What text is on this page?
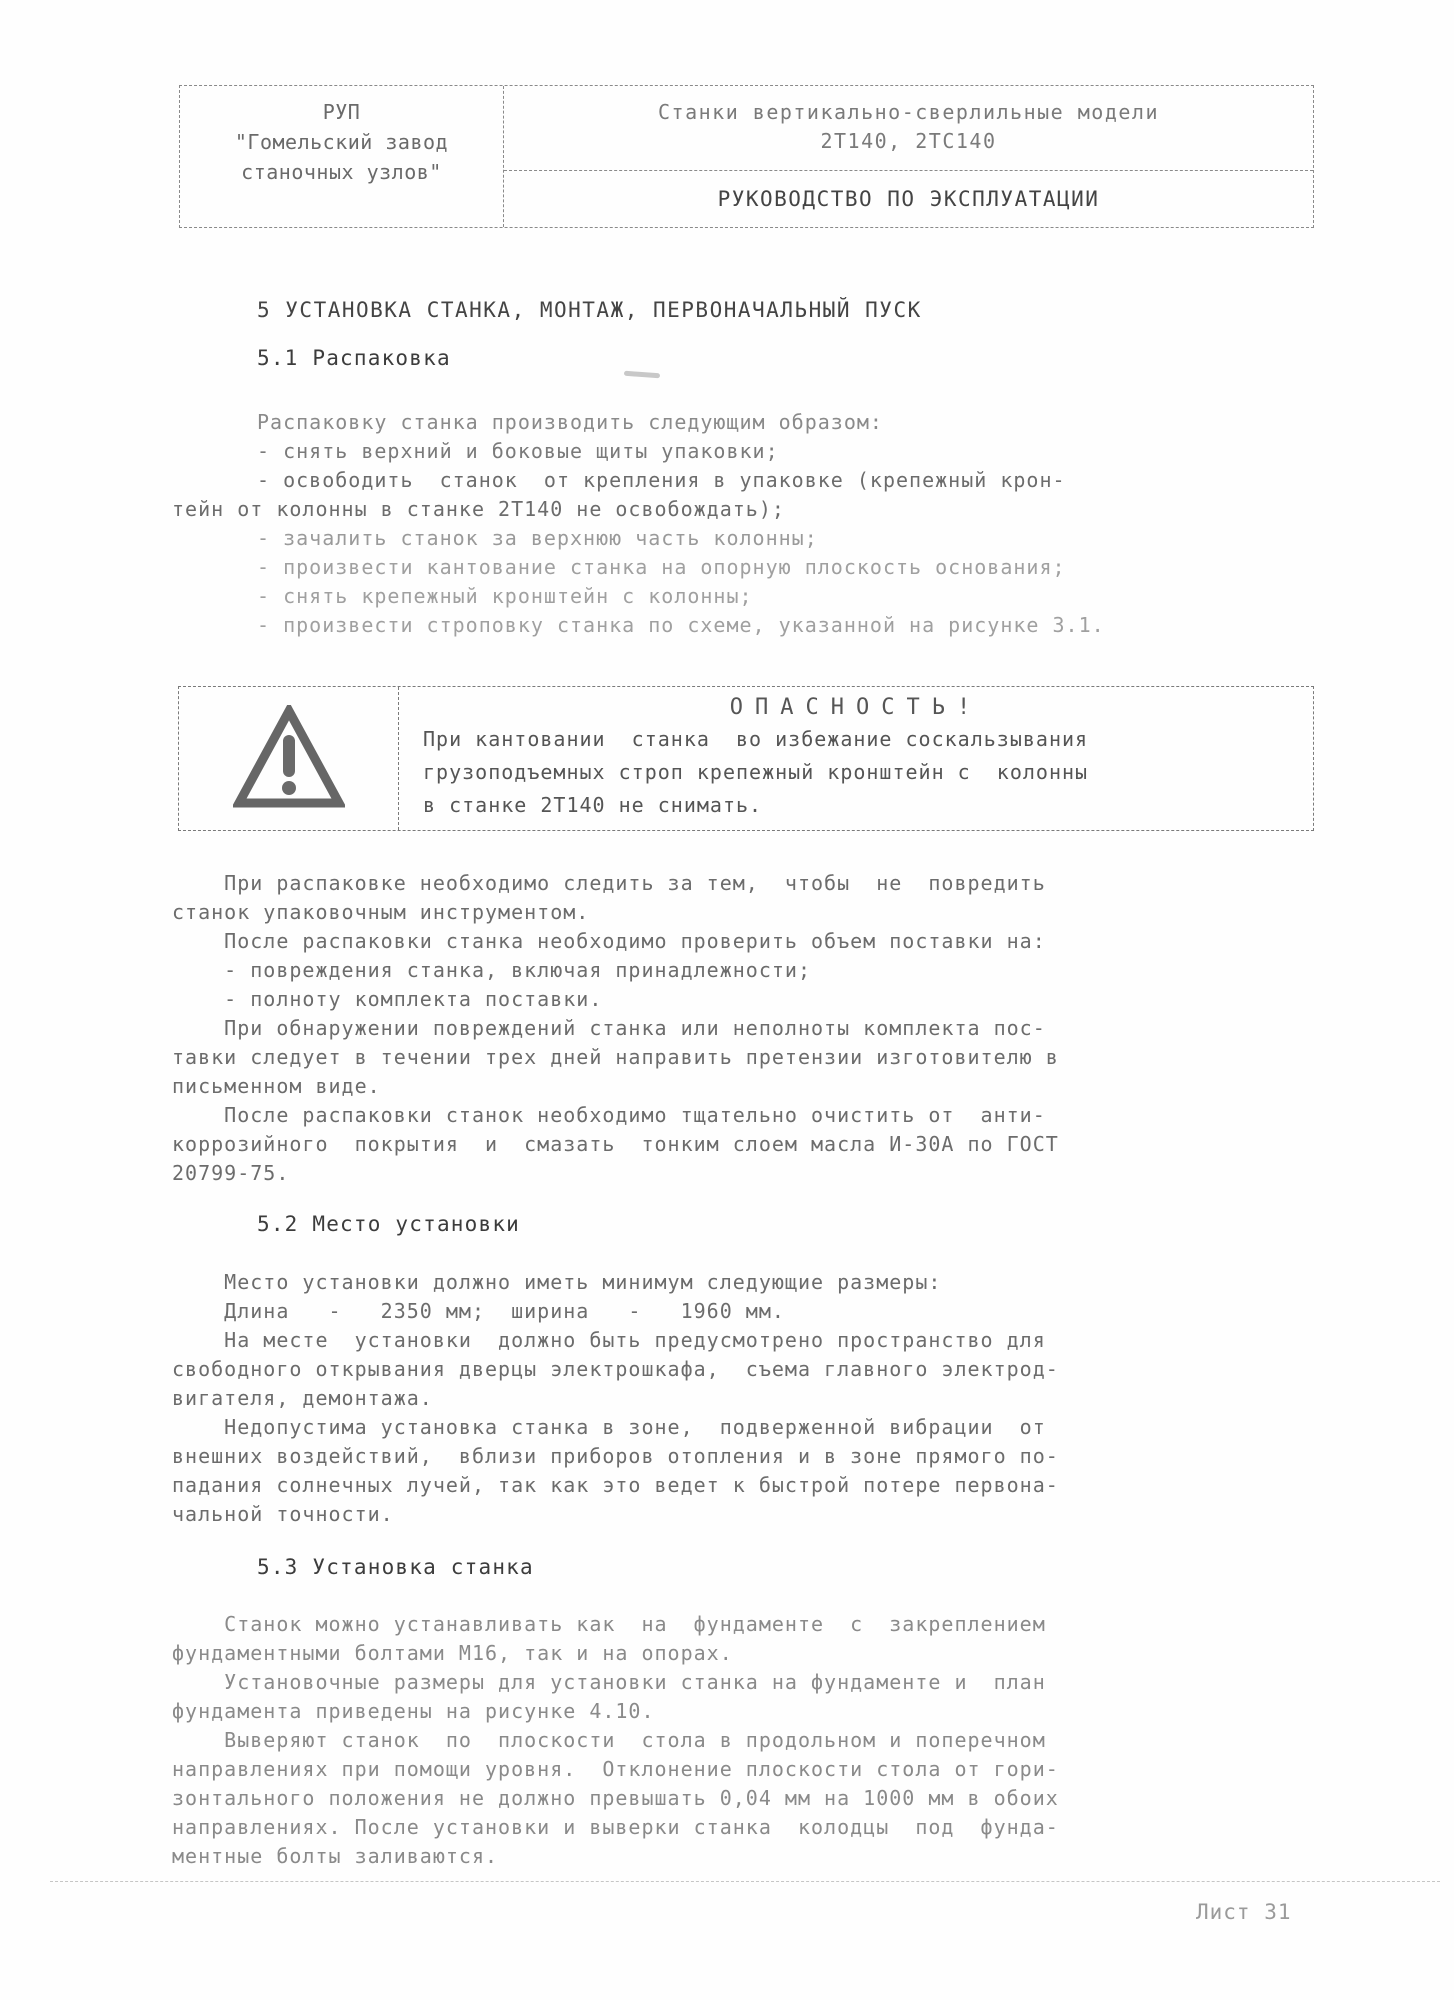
РУП
"Гомельский завод
станочных узлов"
Станки вертикально-сверлильные модели
2Т140, 2ТС140
РУКОВОДСТВО ПО ЭКСПЛУАТАЦИИ
5 УСТАНОВКА СТАНКА, МОНТАЖ, ПЕРВОНАЧАЛЬНЫЙ ПУСК
5.1 Распаковка
Распаковку станка производить следующим образом:
- снять верхний и боковые щиты упаковки;
- освободить  станок  от крепления в упаковке (крепежный крон-
тейн от колонны в станке 2Т140 не освобождать);
- зачалить станок за верхнюю часть колонны;
- произвести кантование станка на опорную плоскость основания;
- снять крепежный кронштейн с колонны;
- произвести строповку станка по схеме, указанной на рисунке 3.1.
ОПАСНОСТЬ!
При кантовании  станка  во избежание соскальзывания
грузоподъемных строп крепежный кронштейн с  колонны
в станке 2Т140 не снимать.
При распаковке необходимо следить за тем,  чтобы  не  повредить
станок упаковочным инструментом.
После распаковки станка необходимо проверить объем поставки на:
- повреждения станка, включая принадлежности;
- полноту комплекта поставки.
При обнаружении повреждений станка или неполноты комплекта пос-
тавки следует в течении трех дней направить претензии изготовителю в
письменном виде.
После распаковки станок необходимо тщательно очистить от  анти-
коррозийного  покрытия  и  смазать  тонким слоем масла И-30А по ГОСТ
20799-75.
5.2 Место установки
Место установки должно иметь минимум следующие размеры:
Длина   -   2350 мм;  ширина   -   1960 мм.
На месте  установки  должно быть предусмотрено пространство для
свободного открывания дверцы электрошкафа,  съема главного электрод-
вигателя, демонтажа.
Недопустима установка станка в зоне,  подверженной вибрации  от
внешних воздействий,  вблизи приборов отопления и в зоне прямого по-
падания солнечных лучей, так как это ведет к быстрой потере первона-
чальной точности.
5.3 Установка станка
Станок можно устанавливать как  на  фундаменте  с  закреплением
фундаментными болтами М16, так и на опорах.
Установочные размеры для установки станка на фундаменте и  план
фундамента приведены на рисунке 4.10.
Выверяют станок  по  плоскости  стола в продольном и поперечном
направлениях при помощи уровня.  Отклонение плоскости стола от гори-
зонтального положения не должно превышать 0,04 мм на 1000 мм в обоих
направлениях. После установки и выверки станка  колодцы  под  фунда-
ментные болты заливаются.
Лист 31
